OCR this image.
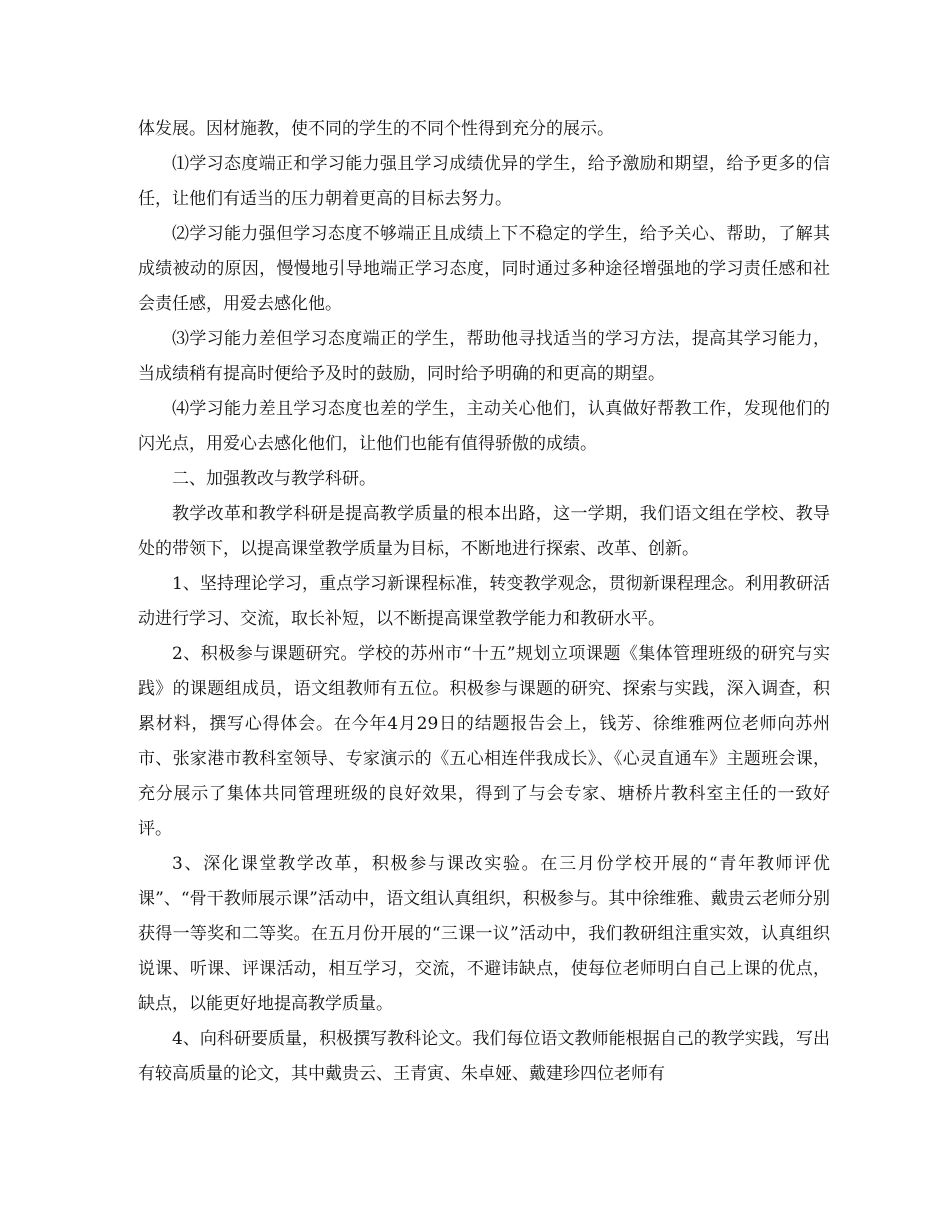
体发展。因材施教，使不同的学生的不同个性得到充分的展示。

⑴学习态度端正和学习能力强且学习成绩优异的学生，给予激励和期望，给予更多的信任，让他们有适当的压力朝着更高的目标去努力。

⑵学习能力强但学习态度不够端正且成绩上下不稳定的学生，给予关心、帮助，了解其成绩被动的原因，慢慢地引导地端正学习态度，同时通过多种途径增强地的学习责任感和社会责任感，用爱去感化他。

⑶学习能力差但学习态度端正的学生，帮助他寻找适当的学习方法，提高其学习能力，当成绩稍有提高时便给予及时的鼓励，同时给予明确的和更高的期望。

⑷学习能力差且学习态度也差的学生，主动关心他们，认真做好帮教工作，发现他们的闪光点，用爱心去感化他们，让他们也能有值得骄傲的成绩。

二、加强教改与教学科研。

教学改革和教学科研是提高教学质量的根本出路，这一学期，我们语文组在学校、教导处的带领下，以提高课堂教学质量为目标，不断地进行探索、改革、创新。

1、坚持理论学习，重点学习新课程标准，转变教学观念，贯彻新课程理念。利用教研活动进行学习、交流，取长补短，以不断提高课堂教学能力和教研水平。

2、积极参与课题研究。学校的苏州市“十五”规划立项课题《集体管理班级的研究与实践》的课题组成员，语文组教师有五位。积极参与课题的研究、探索与实践，深入调查，积累材料，撰写心得体会。在今年4月29日的结题报告会上，钱芳、徐维雅两位老师向苏州市、张家港市教科室领导、专家演示的《五心相连伴我成长》、《心灵直通车》主题班会课，充分展示了集体共同管理班级的良好效果，得到了与会专家、塘桥片教科室主任的一致好评。

3、深化课堂教学改革，积极参与课改实验。在三月份学校开展的“青年教师评优课”、“骨干教师展示课”活动中，语文组认真组织，积极参与。其中徐维雅、戴贵云老师分别获得一等奖和二等奖。在五月份开展的“三课一议”活动中，我们教研组注重实效，认真组织说课、听课、评课活动，相互学习，交流，不避讳缺点，使每位老师明白自己上课的优点，缺点，以能更好地提高教学质量。

4、向科研要质量，积极撰写教科论文。我们每位语文教师能根据自己的教学实践，写出有较高质量的论文，其中戴贵云、王青寅、朱卓娅、戴建珍四位老师有
